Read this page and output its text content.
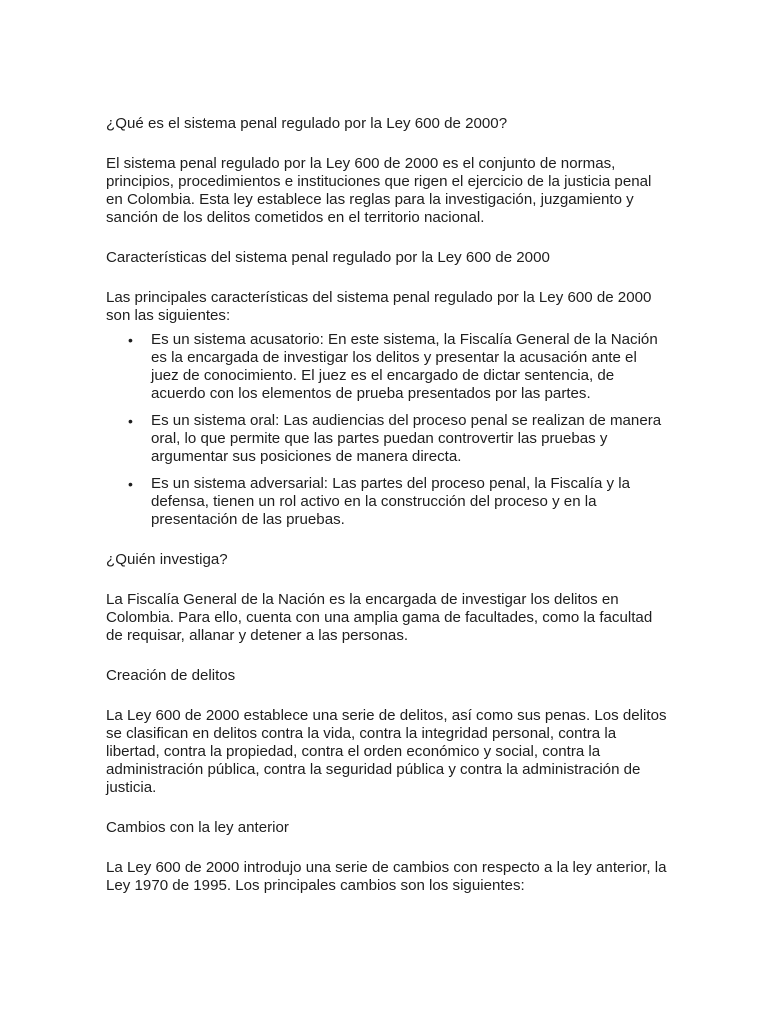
¿Qué es el sistema penal regulado por la Ley 600 de 2000?

El sistema penal regulado por la Ley 600 de 2000 es el conjunto de normas, principios, procedimientos e instituciones que rigen el ejercicio de la justicia penal en Colombia. Esta ley establece las reglas para la investigación, juzgamiento y sanción de los delitos cometidos en el territorio nacional.

Características del sistema penal regulado por la Ley 600 de 2000

Las principales características del sistema penal regulado por la Ley 600 de 2000 son las siguientes:

• Es un sistema acusatorio: En este sistema, la Fiscalía General de la Nación es la encargada de investigar los delitos y presentar la acusación ante el juez de conocimiento. El juez es el encargado de dictar sentencia, de acuerdo con los elementos de prueba presentados por las partes.
• Es un sistema oral: Las audiencias del proceso penal se realizan de manera oral, lo que permite que las partes puedan controvertir las pruebas y argumentar sus posiciones de manera directa.
• Es un sistema adversarial: Las partes del proceso penal, la Fiscalía y la defensa, tienen un rol activo en la construcción del proceso y en la presentación de las pruebas.

¿Quién investiga?

La Fiscalía General de la Nación es la encargada de investigar los delitos en Colombia. Para ello, cuenta con una amplia gama de facultades, como la facultad de requisar, allanar y detener a las personas.

Creación de delitos

La Ley 600 de 2000 establece una serie de delitos, así como sus penas. Los delitos se clasifican en delitos contra la vida, contra la integridad personal, contra la libertad, contra la propiedad, contra el orden económico y social, contra la administración pública, contra la seguridad pública y contra la administración de justicia.

Cambios con la ley anterior

La Ley 600 de 2000 introdujo una serie de cambios con respecto a la ley anterior, la Ley 1970 de 1995. Los principales cambios son los siguientes:
